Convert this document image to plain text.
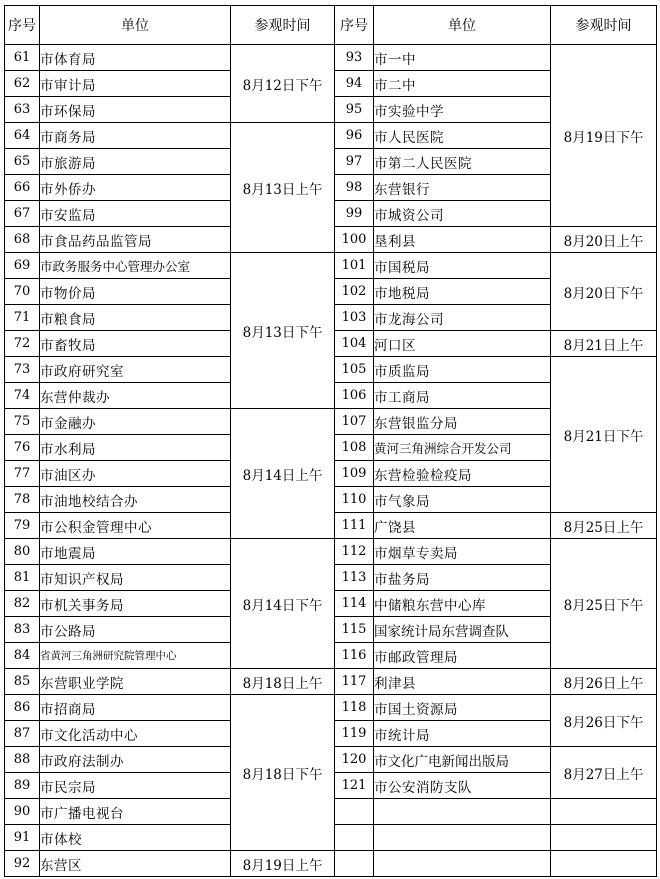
序号	单位	参观时间	序号	单位	参观时间
61	市体育局	8月12日下午	93	市一中	8月19日下午
62	市审计局		94	市二中	
63	市环保局		95	市实验中学	
64	市商务局	8月13日上午	96	市人民医院	
65	市旅游局		97	市第二人民医院	
66	市外侨办		98	东营银行	
67	市安监局		99	市城资公司	
68	市食品药品监管局		100	垦利县	8月20日上午
69	市政务服务中心管理办公室	8月13日下午	101	市国税局	8月20日下午
70	市物价局		102	市地税局	
71	市粮食局		103	市龙海公司	
72	市畜牧局		104	河口区	8月21日上午
73	市政府研究室		105	市质监局	8月21日下午
74	东营仲裁办		106	市工商局	
75	市金融办	8月14日上午	107	东营银监分局	
76	市水利局		108	黄河三角洲综合开发公司	
77	市油区办		109	东营检验检疫局	
78	市油地校结合办		110	市气象局	
79	市公积金管理中心		111	广饶县	8月25日上午
80	市地震局	8月14日下午	112	市烟草专卖局	8月25日下午
81	市知识产权局		113	市盐务局	
82	市机关事务局		114	中储粮东营中心库	
83	市公路局		115	国家统计局东营调查队	
84	省黄河三角洲研究院管理中心		116	市邮政管理局	
85	东营职业学院	8月18日上午	117	利津县	8月26日上午
86	市招商局	8月18日下午	118	市国土资源局	8月26日下午
87	市文化活动中心		119	市统计局	
88	市政府法制办		120	市文化广电新闻出版局	8月27日上午
89	市民宗局		121	市公安消防支队	
90	市广播电视台				
91	市体校				
92	东营区	8月19日上午			
